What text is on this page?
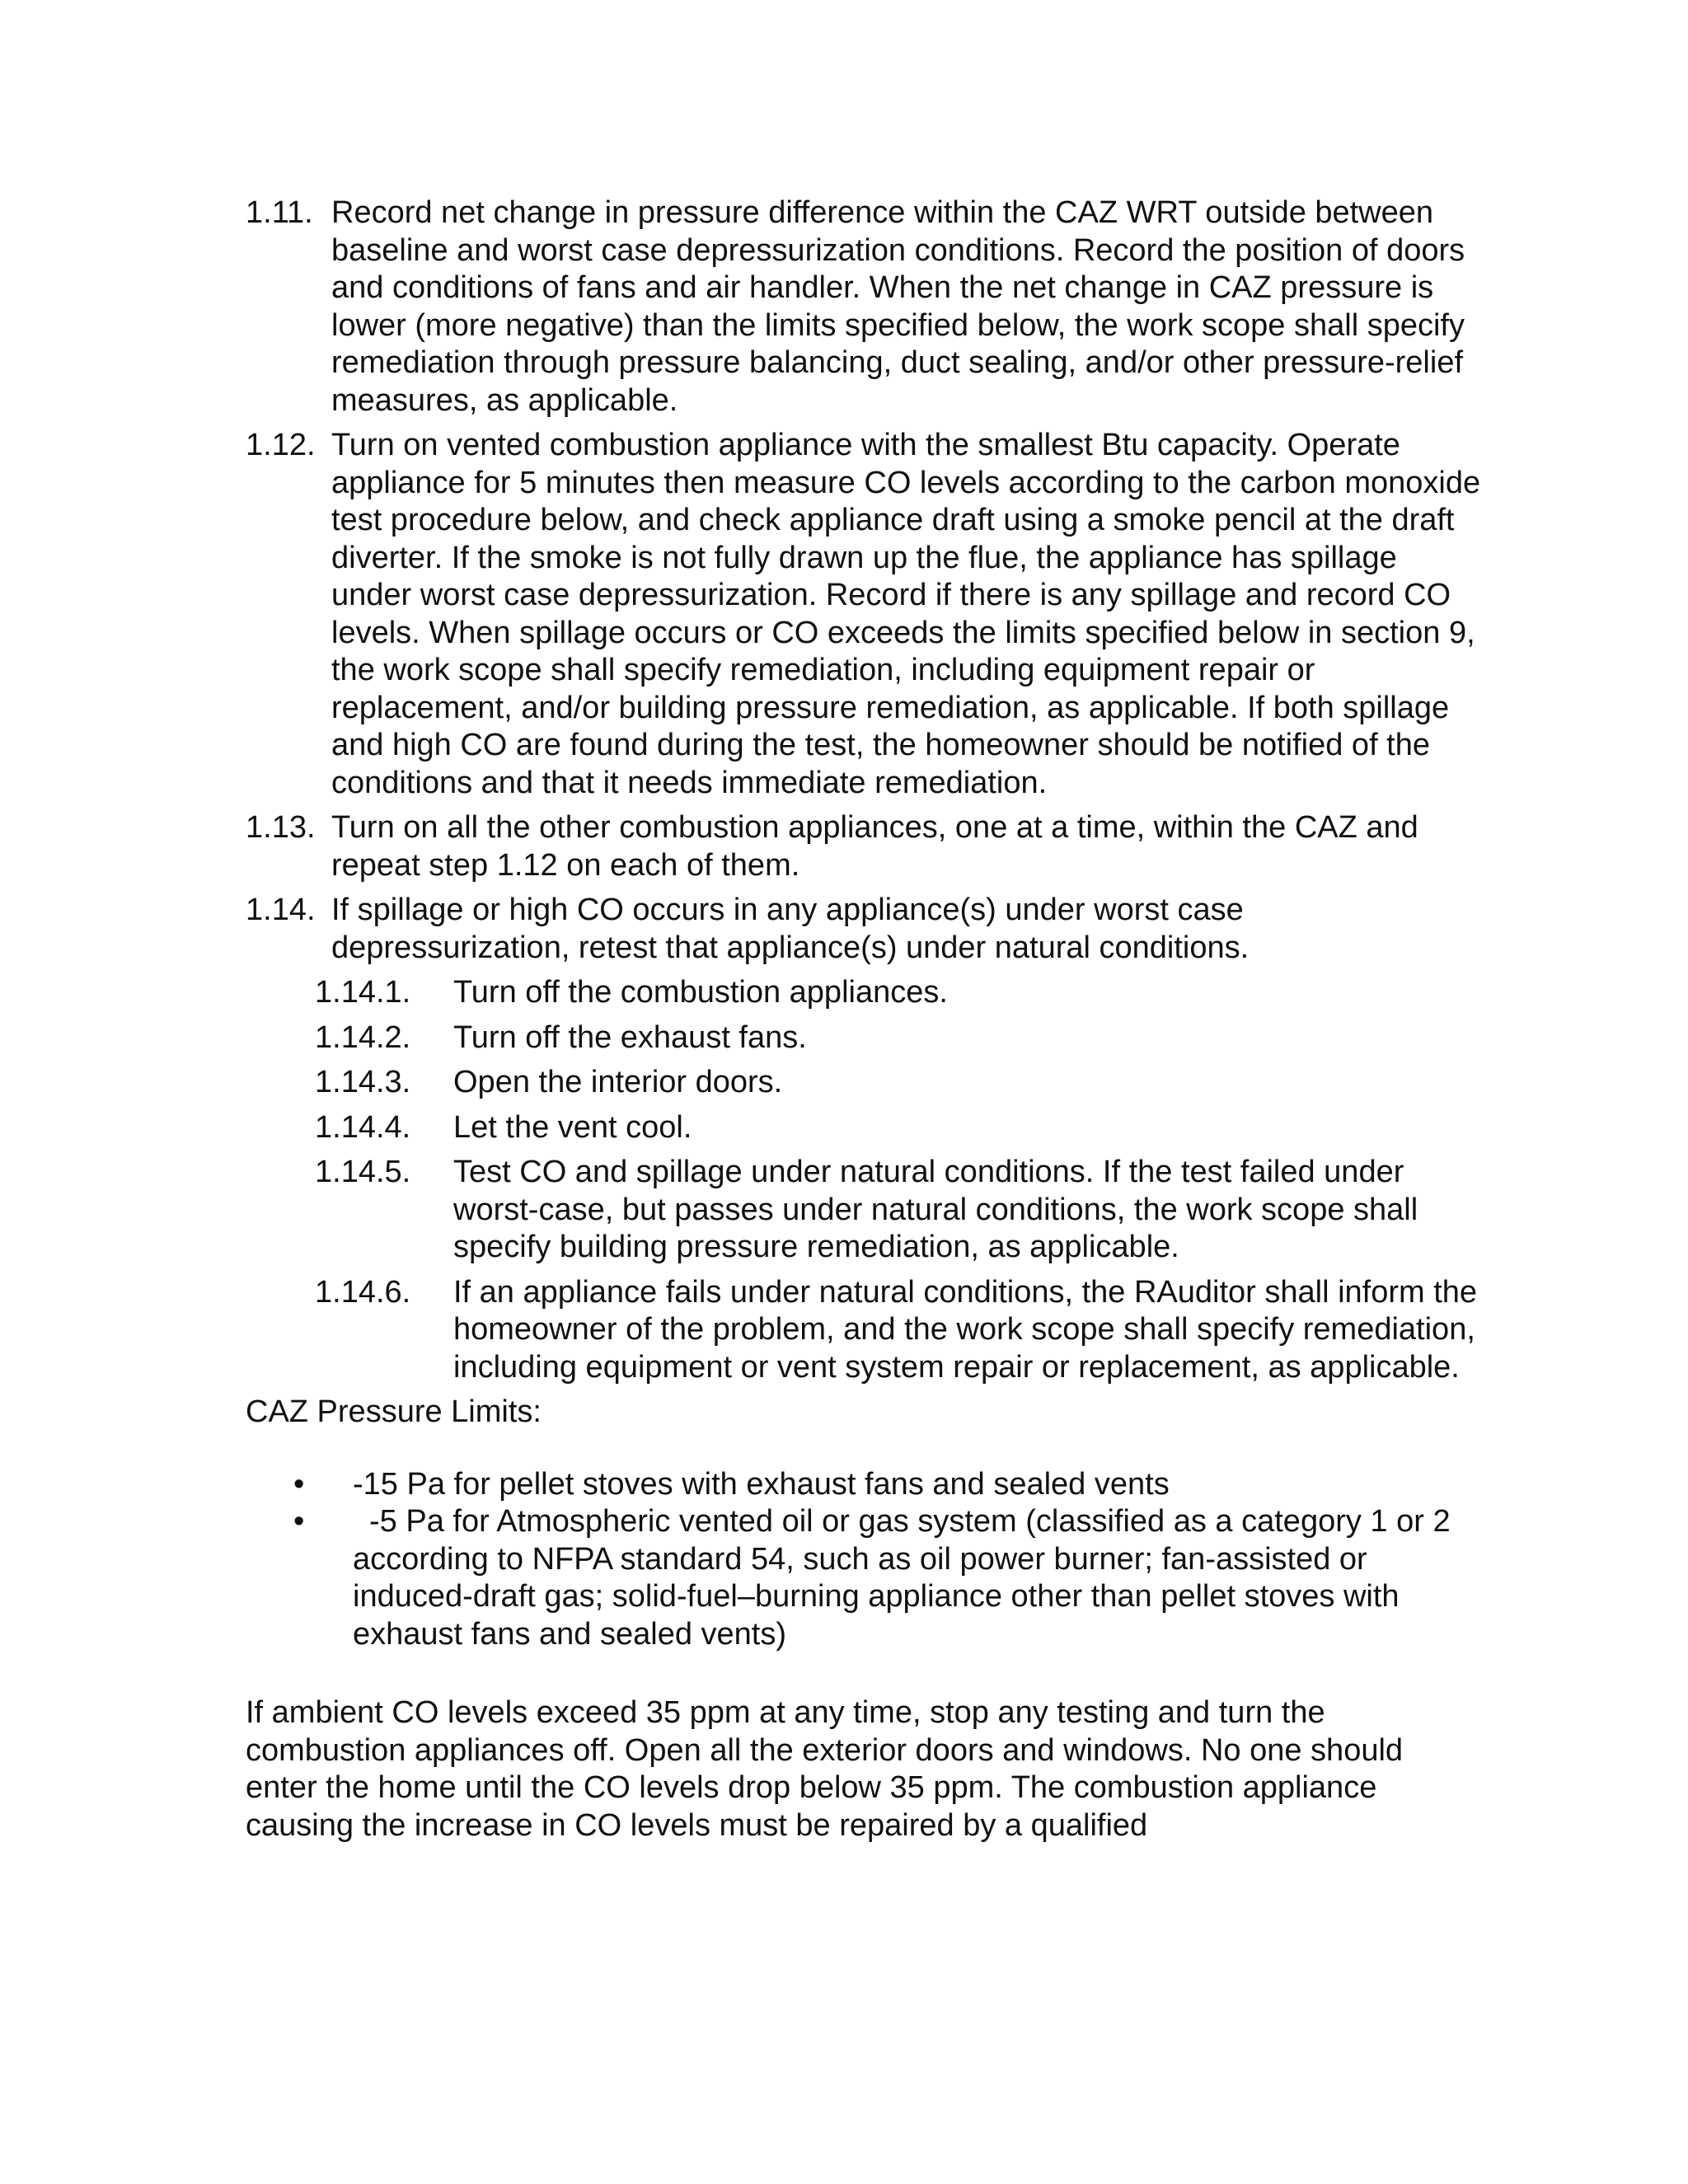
1.11. Record net change in pressure difference within the CAZ WRT outside between baseline and worst case depressurization conditions. Record the position of doors and conditions of fans and air handler. When the net change in CAZ pressure is lower (more negative) than the limits specified below, the work scope shall specify remediation through pressure balancing, duct sealing, and/or other pressure-relief measures, as applicable.
1.12. Turn on vented combustion appliance with the smallest Btu capacity. Operate appliance for 5 minutes then measure CO levels according to the carbon monoxide test procedure below, and check appliance draft using a smoke pencil at the draft diverter. If the smoke is not fully drawn up the flue, the appliance has spillage under worst case depressurization. Record if there is any spillage and record CO levels. When spillage occurs or CO exceeds the limits specified below in section 9, the work scope shall specify remediation, including equipment repair or replacement, and/or building pressure remediation, as applicable. If both spillage and high CO are found during the test, the homeowner should be notified of the conditions and that it needs immediate remediation.
1.13. Turn on all the other combustion appliances, one at a time, within the CAZ and repeat step 1.12 on each of them.
1.14. If spillage or high CO occurs in any appliance(s) under worst case depressurization, retest that appliance(s) under natural conditions.
1.14.1. Turn off the combustion appliances.
1.14.2. Turn off the exhaust fans.
1.14.3. Open the interior doors.
1.14.4. Let the vent cool.
1.14.5. Test CO and spillage under natural conditions. If the test failed under worst-case, but passes under natural conditions, the work scope shall specify building pressure remediation, as applicable.
1.14.6. If an appliance fails under natural conditions, the RAuditor shall inform the homeowner of the problem, and the work scope shall specify remediation, including equipment or vent system repair or replacement, as applicable.
CAZ Pressure Limits:
• -15 Pa for pellet stoves with exhaust fans and sealed vents
• -5 Pa for Atmospheric vented oil or gas system (classified as a category 1 or 2 according to NFPA standard 54, such as oil power burner; fan-assisted or induced-draft gas; solid-fuel–burning appliance other than pellet stoves with exhaust fans and sealed vents)
If ambient CO levels exceed 35 ppm at any time, stop any testing and turn the combustion appliances off. Open all the exterior doors and windows. No one should enter the home until the CO levels drop below 35 ppm. The combustion appliance causing the increase in CO levels must be repaired by a qualified
